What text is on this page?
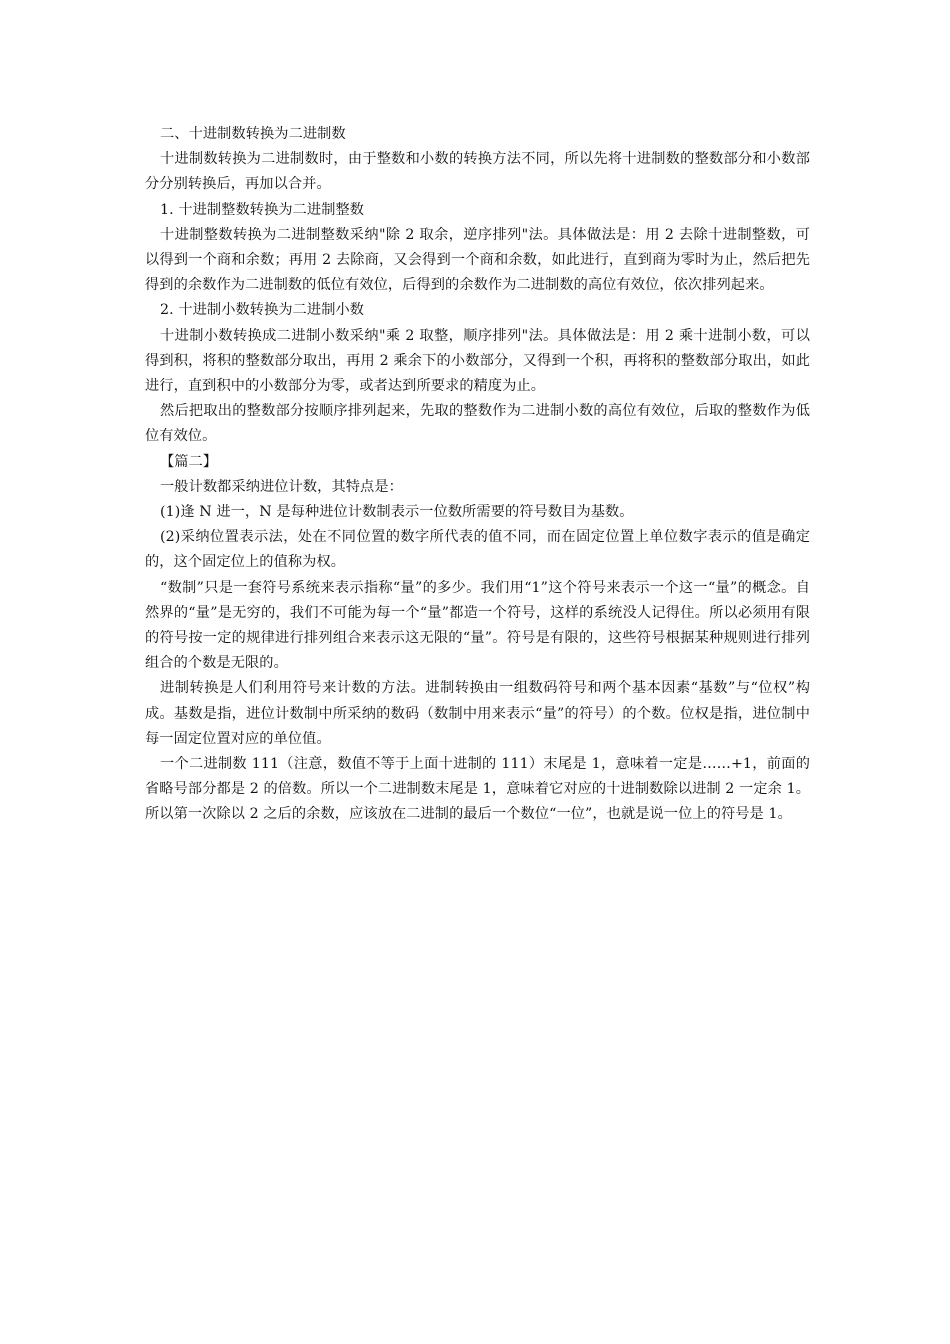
二、十进制数转换为二进制数

十进制数转换为二进制数时，由于整数和小数的转换方法不同，所以先将十进制数的整数部分和小数部分分别转换后，再加以合并。

1. 十进制整数转换为二进制整数

十进制整数转换为二进制整数采纳"除 2 取余，逆序排列"法。具体做法是：用 2 去除十进制整数，可以得到一个商和余数；再用 2 去除商，又会得到一个商和余数，如此进行，直到商为零时为止，然后把先得到的余数作为二进制数的低位有效位，后得到的余数作为二进制数的高位有效位，依次排列起来。

2. 十进制小数转换为二进制小数

十进制小数转换成二进制小数采纳"乘 2 取整，顺序排列"法。具体做法是：用 2 乘十进制小数，可以得到积，将积的整数部分取出，再用 2 乘余下的小数部分，又得到一个积，再将积的整数部分取出，如此进行，直到积中的小数部分为零，或者达到所要求的精度为止。

然后把取出的整数部分按顺序排列起来，先取的整数作为二进制小数的高位有效位，后取的整数作为低位有效位。

【篇二】

一般计数都采纳进位计数，其特点是：

(1)逢 N 进一，N 是每种进位计数制表示一位数所需要的符号数目为基数。

(2)采纳位置表示法，处在不同位置的数字所代表的值不同，而在固定位置上单位数字表示的值是确定的，这个固定位上的值称为权。

“数制”只是一套符号系统来表示指称“量”的多少。我们用“1”这个符号来表示一个这一“量”的概念。自然界的“量”是无穷的，我们不可能为每一个“量”都造一个符号，这样的系统没人记得住。所以必须用有限的符号按一定的规律进行排列组合来表示这无限的“量”。符号是有限的，这些符号根据某种规则进行排列组合的个数是无限的。

进制转换是人们利用符号来计数的方法。进制转换由一组数码符号和两个基本因素“基数”与“位权”构成。基数是指，进位计数制中所采纳的数码（数制中用来表示“量”的符号）的个数。位权是指，进位制中每一固定位置对应的单位值。

一个二进制数 111（注意，数值不等于上面十进制的 111）末尾是 1，意味着一定是……+1，前面的省略号部分都是 2 的倍数。所以一个二进制数末尾是 1，意味着它对应的十进制数除以进制 2 一定余 1。所以第一次除以 2 之后的余数，应该放在二进制的最后一个数位“一位”，也就是说一位上的符号是 1。
